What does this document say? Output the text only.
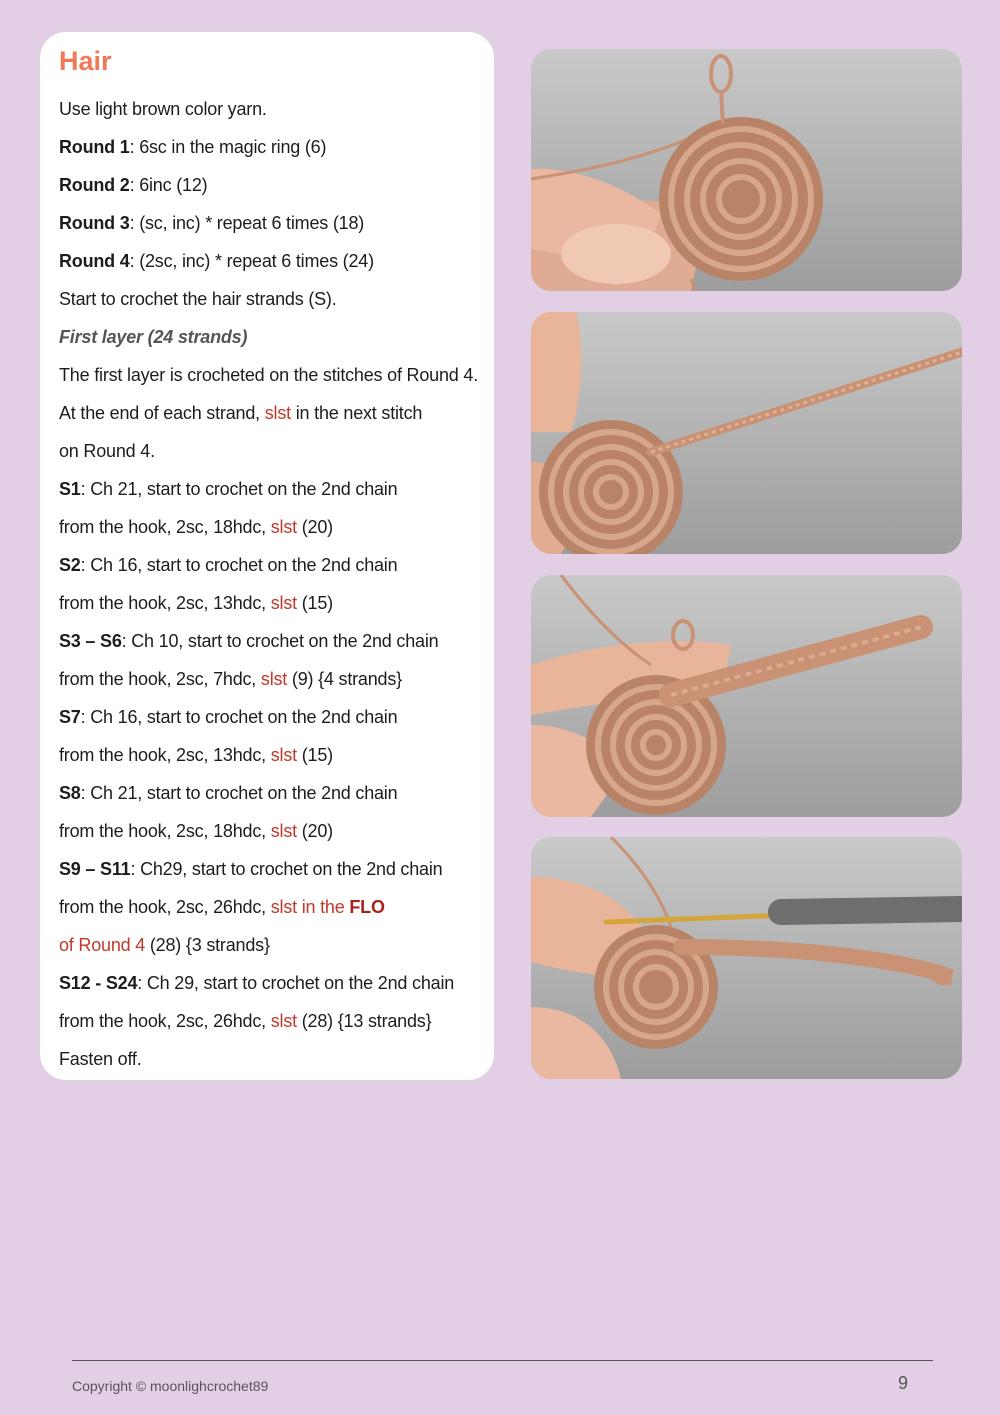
Hair
Use light brown color yarn.
Round 1: 6sc in the magic ring (6)
Round 2: 6inc (12)
Round 3: (sc, inc) * repeat 6 times (18)
Round 4: (2sc, inc) * repeat 6 times (24)
Start to crochet the hair strands (S).
First layer (24 strands)
The first layer is crocheted on the stitches of Round 4.
At the end of each strand, slst in the next stitch
on Round 4.
S1: Ch 21, start to crochet on the 2nd chain
from the hook, 2sc, 18hdc, slst (20)
S2: Ch 16, start to crochet on the 2nd chain
from the hook, 2sc, 13hdc, slst (15)
S3 – S6: Ch 10, start to crochet on the 2nd chain
from the hook, 2sc, 7hdc, slst (9) {4 strands}
S7: Ch 16, start to crochet on the 2nd chain
from the hook, 2sc, 13hdc, slst (15)
S8: Ch 21, start to crochet on the 2nd chain
from the hook, 2sc, 18hdc, slst (20)
S9 – S11: Ch29, start to crochet on the 2nd chain
from the hook, 2sc, 26hdc, slst in the FLO
of Round 4 (28) {3 strands}
S12 - S24: Ch 29, start to crochet on the 2nd chain
from the hook, 2sc, 26hdc, slst (28) {13 strands}
Fasten off.
Copyright © moonlighcrochet89	9
